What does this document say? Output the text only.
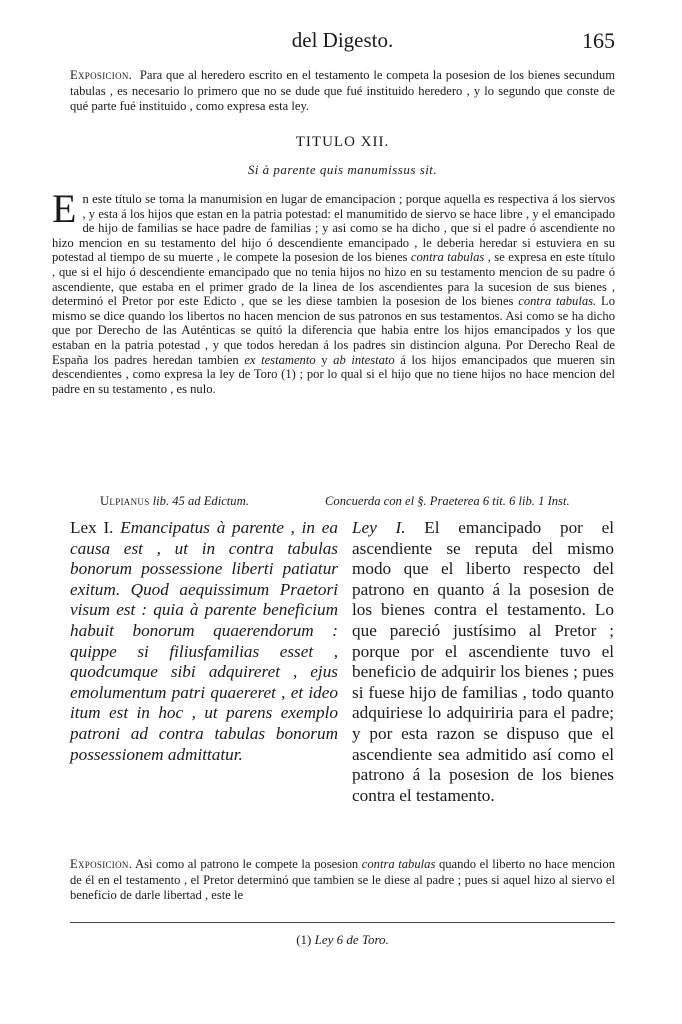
del Digesto.	165

Exposicion. Para que al heredero escrito en el testamento le competa la posesion de los bienes secundum tabulas , es necesario lo primero que no se dude que fué instituido heredero , y lo segundo que conste de qué parte fué instituido , como expresa esta ley.

TITULO XII.
Si à parente quis manumissus sit.

En este título se toma la manumision en lugar de emancipacion ; porque aquella es respectiva á los siervos , y esta á los hijos que estan en la patria potestad: el manumitido de siervo se hace libre , y el emancipado de hijo de familias se hace padre de familias ; y asi como se ha dicho , que si el padre ó ascendiente no hizo mencion en su testamento del hijo ó descendiente emancipado , le deberia heredar si estuviera en su potestad al tiempo de su muerte , le compete la posesion de los bienes contra tabulas , se expresa en este título , que si el hijo ó descendiente emancipado que no tenia hijos no hizo en su testamento mencion de su padre ó ascendiente, que estaba en el primer grado de la linea de los ascendientes para la sucesion de sus bienes , determinó el Pretor por este Edicto , que se les diese tambien la posesion de los bienes contra tabulas. Lo mismo se dice quando los libertos no hacen mencion de sus patronos en sus testamentos. Asi como se ha dicho que por Derecho de las Auténticas se quitó la diferencia que habia entre los hijos emancipados y los que estaban en la patria potestad , y que todos heredan á los padres sin distincion alguna. Por Derecho Real de España los padres heredan tambien ex testamento y ab intestato á los hijos emancipados que mueren sin descendientes , como expresa la ley de Toro (1) ; por lo qual si el hijo que no tiene hijos no hace mencion del padre en su testamento , es nulo.

Ulpianus lib. 45 ad Edictum.	Concuerda con el §. Praeterea 6 tit. 6 lib. 1 Inst.

Lex I. Emancipatus à parente , in ea causa est , ut in contra tabulas bonorum possessione liberti patiatur exitum. Quod aequissimum Praetori visum est : quia à parente beneficium habuit bonorum quaerendorum : quippe si filiusfamilias esset , quodcumque sibi adquireret , ejus emolumentum patri quaereret , et ideo itum est in hoc , ut parens exemplo patroni ad contra tabulas bonorum possessionem admittatur.

Ley I. El emancipado por el ascendiente se reputa del mismo modo que el liberto respecto del patrono en quanto á la posesion de los bienes contra el testamento. Lo que pareció justísimo al Pretor ; porque por el ascendiente tuvo el beneficio de adquirir los bienes ; pues si fuese hijo de familias , todo quanto adquiriese lo adquiriria para el padre; y por esta razon se dispuso que el ascendiente sea admitido así como el patrono á la posesion de los bienes contra el testamento.

Exposicion. Asi como al patrono le compete la posesion contra tabulas quando el liberto no hace mencion de él en el testamento , el Pretor determinó que tambien se le diese al padre ; pues si aquel hizo al siervo el beneficio de darle libertad , este le

(1) Ley 6 de Toro.
